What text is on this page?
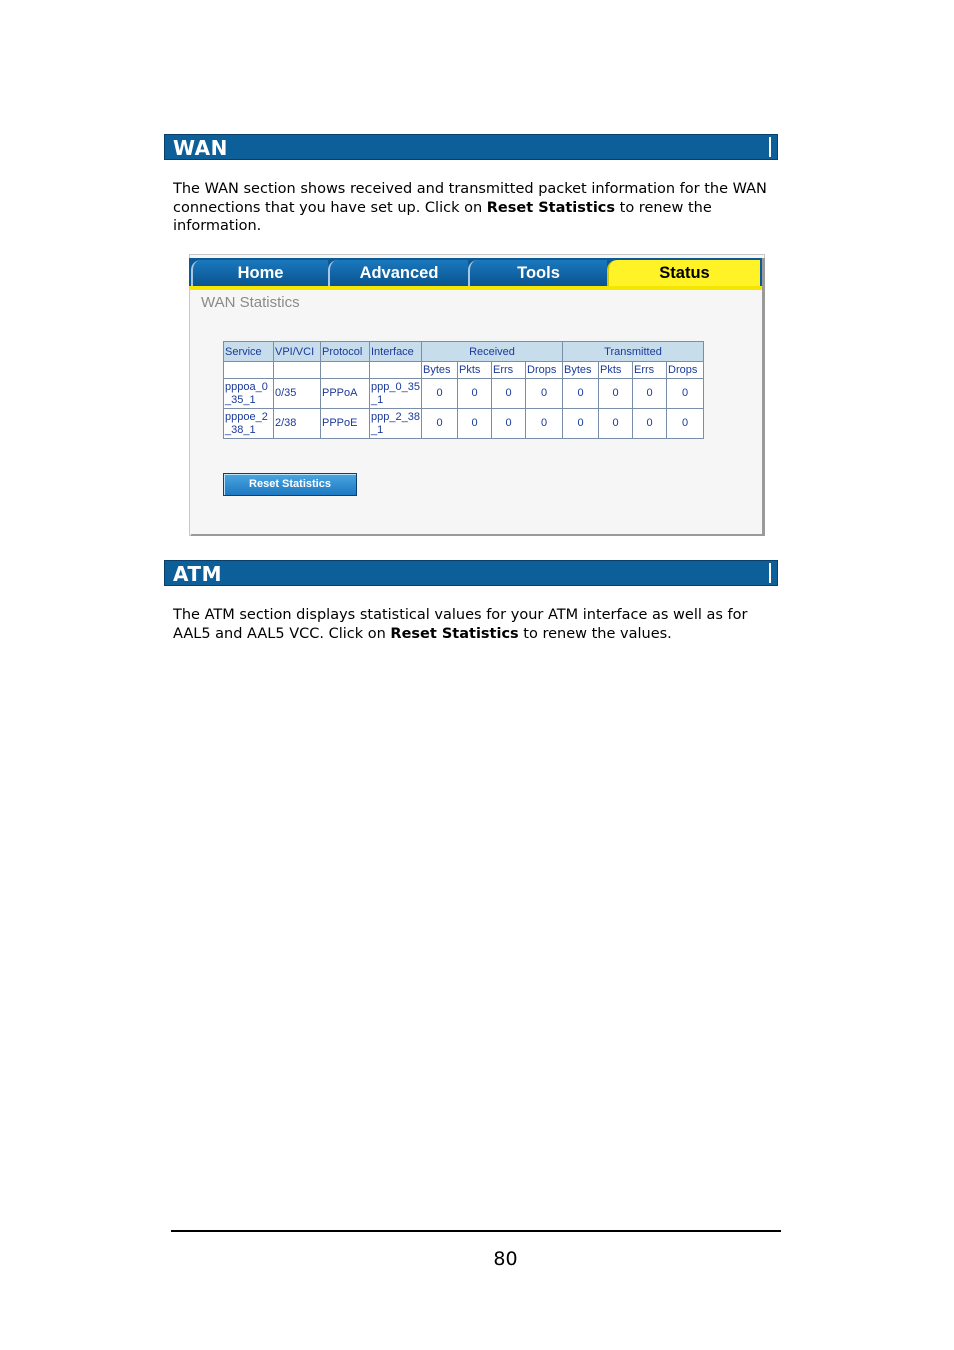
WAN
The WAN section shows received and transmitted packet information for the WAN connections that you have set up. Click on Reset Statistics to renew the information.
Home	Advanced	Tools	Status
WAN Statistics
Service	VPI/VCI	Protocol	Interface	Received				Transmitted			
				Bytes	Pkts	Errs	Drops	Bytes	Pkts	Errs	Drops
pppoa_0_35_1	0/35	PPPoA	ppp_0_35_1	0	0	0	0	0	0	0	0
pppoe_2_38_1	2/38	PPPoE	ppp_2_38_1	0	0	0	0	0	0	0	0
Reset Statistics
ATM
The ATM section displays statistical values for your ATM interface as well as for AAL5 and AAL5 VCC. Click on Reset Statistics to renew the values.
80
